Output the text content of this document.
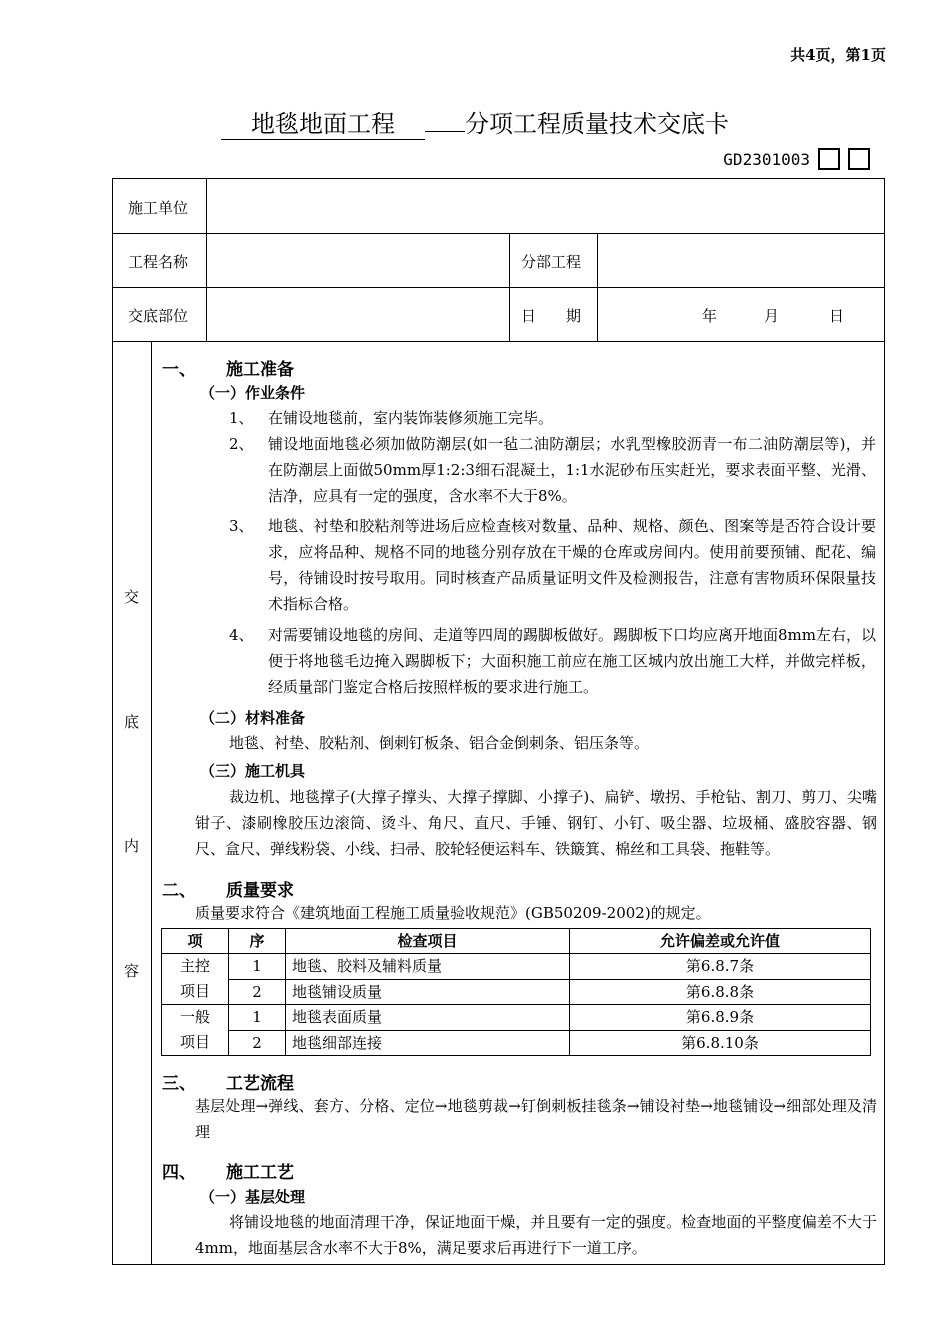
共4页，第1页
地毯地面工程	分项工程质量技术交底卡
GD2301003
施工单位
工程名称	分部工程
交底部位	日　　期	年	月	日
交
底
内
容
一、 施工准备
（一）作业条件
1、 在铺设地毯前，室内装饰装修须施工完毕。
2、 铺设地面地毯必须加做防潮层(如一毡二油防潮层；水乳型橡胶沥青一布二油防潮层等)，并在防潮层上面做50mm厚1:2:3细石混凝土，1:1水泥砂布压实赶光，要求表面平整、光滑、洁净，应具有一定的强度，含水率不大于8%。
3、 地毯、衬垫和胶粘剂等进场后应检查核对数量、品种、规格、颜色、图案等是否符合设计要求，应将品种、规格不同的地毯分别存放在干燥的仓库或房间内。使用前要预铺、配花、编号，待铺设时按号取用。同时核查产品质量证明文件及检测报告，注意有害物质环保限量技术指标合格。
4、 对需要铺设地毯的房间、走道等四周的踢脚板做好。踢脚板下口均应离开地面8mm左右，以便于将地毯毛边掩入踢脚板下；大面积施工前应在施工区城内放出施工大样，并做完样板，经质量部门鉴定合格后按照样板的要求进行施工。
（二）材料准备
地毯、衬垫、胶粘剂、倒刺钉板条、铝合金倒刺条、铝压条等。
（三）施工机具
裁边机、地毯撑子(大撑子撑头、大撑子撑脚、小撑子)、扁铲、墩拐、手枪钻、割刀、剪刀、尖嘴钳子、漆刷橡胶压边滚筒、烫斗、角尺、直尺、手锤、钢钉、小钉、吸尘器、垃圾桶、盛胶容器、钢尺、盒尺、弹线粉袋、小线、扫帚、胶轮轻便运料车、铁簸箕、棉丝和工具袋、拖鞋等。
二、 质量要求
质量要求符合《建筑地面工程施工质量验收规范》(GB50209-2002)的规定。
项	序	检查项目	允许偏差或允许值

主控
项目	1	地毯、胶料及辅料质量	第6.8.7条
	2	地毯铺设质量	第6.8.8条

一般
项目	1	地毯表面质量	第6.8.9条
	2	地毯细部连接	第6.8.10条
三、 工艺流程
基层处理→弹线、套方、分格、定位→地毯剪裁→钉倒刺板挂毯条→铺设衬垫→地毯铺设→细部处理及清理
四、 施工工艺
（一）基层处理
将铺设地毯的地面清理干净，保证地面干燥，并且要有一定的强度。检查地面的平整度偏差不大于4mm，地面基层含水率不大于8%，满足要求后再进行下一道工序。
